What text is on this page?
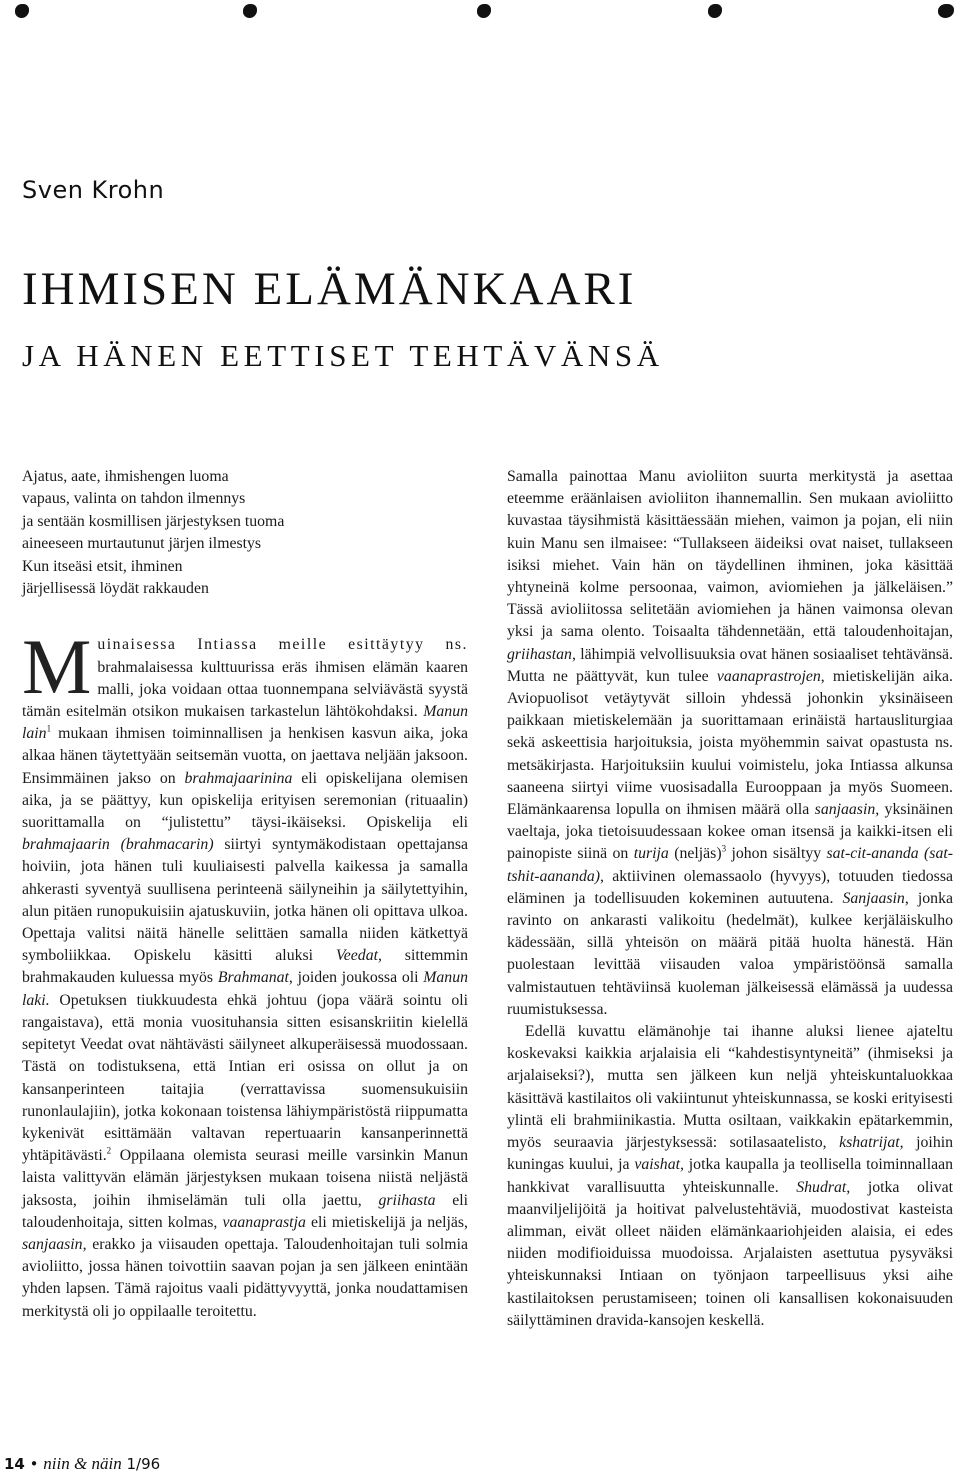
Sven Krohn
IHMISEN ELÄMÄNKAARI
JA HÄNEN EETTISET TEHTÄVÄNSÄ
Ajatus, aate, ihmishengen luoma
vapaus, valinta on tahdon ilmennys
ja sentään kosmillisen järjestyksen tuoma
aineeseen murtautunut järjen ilmestys
Kun itseäsi etsit, ihminen
järjellisessä löydät rakkauden

Muinaisessa Intiassa meille esittäytyy ns. brahmalaisessa kulttuurissa eräs ihmisen elämän kaaren malli, joka voidaan ottaa tuonnempana selviävästä syystä tämän esitelmän otsikon mukaisen tarkastelun lähtökohdaksi. Manun lain$^1$ mukaan ihmisen toiminnallisen ja henkisen kasvun aika, joka alkaa hänen täytettyään seitsemän vuotta, on jaettava neljään jaksoon. Ensimmäinen jakso on brahmajaarinina eli opiskelijana olemisen aika, ja se päättyy, kun opiskelija erityisen seremonian (rituaalin) suorittamalla on “julistettu” täysi-ikäiseksi. Opiskelija eli brahmajaarin (brahmacarin) siirtyi syntymäkodistaan opettajansa hoiviin, jota hänen tuli kuuliaisesti palvella kaikessa ja samalla ahkerasti syventyä suullisena perinteenä säilyneihin ja säilytettyihin, alun pitäen runopukuisiin ajatuskuviin, jotka hänen oli opittava ulkoa. Opettaja valitsi näitä hänelle selittäen samalla niiden kätkettyä symboliikkaa. Opiskelu käsitti aluksi Veedat, sittemmin brahmakauden kuluessa myös Brahmanat, joiden joukossa oli Manun laki. Opetuksen tiukkuudesta ehkä johtuu (jopa väärä sointu oli rangaistava), että monia vuosituhansia sitten esisanskriitin kielellä sepitetyt Veedat ovat nähtävästi säilyneet alkuperäisessä muodossaan. Tästä on todistuksena, että Intian eri osissa on ollut ja on kansanperinteen taitajia (verrattavissa suomensukuisiin runonlaulajiin), jotka kokonaan toistensa lähiympäristöstä riippumatta kykenivät esittämään valtavan repertuaarin kansanperinnettä yhtäpitävästi.$^2$ Oppilaana olemista seurasi meille varsinkin Manun laista valittyvän elämän järjestyksen mukaan toisena niistä neljästä jaksosta, joihin ihmiselämän tuli olla jaettu, griihasta eli taloudenhoitaja, sitten kolmas, vaanaprastja eli mietiskelijä ja neljäs, sanjaasin, erakko ja viisauden opettaja. Taloudenhoitajan tuli solmia avioliitto, jossa hänen toivottiin saavan pojan ja sen jälkeen enintään yhden lapsen. Tämä rajoitus vaali pidättyvyyttä, jonka noudattamisen merkitystä oli jo oppilaalle teroitettu.

Samalla painottaa Manu avioliiton suurta merkitystä ja asettaa eteemme eräänlaisen avioliiton ihannemallin. Sen mukaan avioliitto kuvastaa täysihmistä käsittäessään miehen, vaimon ja pojan, eli niin kuin Manu sen ilmaisee: “Tullakseen äideiksi ovat naiset, tullakseen isiksi miehet. Vain hän on täydellinen ihminen, joka käsittää yhtyneinä kolme persoonaa, vaimon, aviomiehen ja jälkeläisen.” Tässä avioliitossa selitetään aviomiehen ja hänen vaimonsa olevan yksi ja sama olento. Toisaalta tähdennetään, että taloudenhoitajan, griihastan, lähimpiä velvollisuuksia ovat hänen sosiaaliset tehtävänsä. Mutta ne päättyvät, kun tulee vaanaprastrojen, mietiskelijän aika. Aviopuolisot vetäytyvät silloin yhdessä johonkin yksinäiseen paikkaan mietiskelemään ja suorittamaan erinäistä hartausliturgiaa sekä askeettisia harjoituksia, joista myöhemmin saivat opastusta ns. metsäkirjasta. Harjoituksiin kuului voimistelu, joka Intiassa alkunsa saaneena siirtyi viime vuosisadalla Eurooppaan ja myös Suomeen. Elämänkaarensa lopulla on ihmisen määrä olla sanjaasin, yksinäinen vaeltaja, joka tietoisuudessaan kokee oman itsensä ja kaikki-itsen eli painopiste siinä on turija (neljäs)$^3$ johon sisältyy sat-cit-ananda (sat-tshit-aananda), aktiivinen olemassaolo (hyvyys), totuuden tiedossa eläminen ja todellisuuden kokeminen autuutena. Sanjaasin, jonka ravinto on ankarasti valikoitu (hedelmät), kulkee kerjäläiskulho kädessään, sillä yhteisön on määrä pitää huolta hänestä. Hän puolestaan levittää viisauden valoa ympäristöönsä samalla valmistautuen tehtäviinsä kuoleman jälkeisessä elämässä ja uudessa ruumistuksessa.

Edellä kuvattu elämänohje tai ihanne aluksi lienee ajateltu koskevaksi kaikkia arjalaisia eli “kahdestisyntyneitä” (ihmiseksi ja arjalaiseksi?), mutta sen jälkeen kun neljä yhteiskuntaluokkaa käsittävä kastilaitos oli vakiintunut yhteiskunnassa, se koski erityisesti ylintä eli brahmiinikastia. Mutta osiltaan, vaikkakin epätarkemmin, myös seuraavia järjestyksessä: sotilasaatelisto, kshatrijat, joihin kuningas kuului, ja vaishat, jotka kaupalla ja teollisella toiminnallaan hankkivat varallisuutta yhteiskunnalle. Shudrat, jotka olivat maanviljelijöitä ja hoitivat palvelustehtäviä, muodostivat kasteista alimman, eivät olleet näiden elämänkaariohjeiden alaisia, ei edes niiden modifioiduissa muodoissa. Arjalaisten asettutua pysyväksi yhteiskunnaksi Intiaan on työnjaon tarpeellisuus yksi aihe kastilaitoksen perustamiseen; toinen oli kansallisen kokonaisuuden säilyttäminen dravida-kansojen keskellä.

14 • niin & näin 1/96
